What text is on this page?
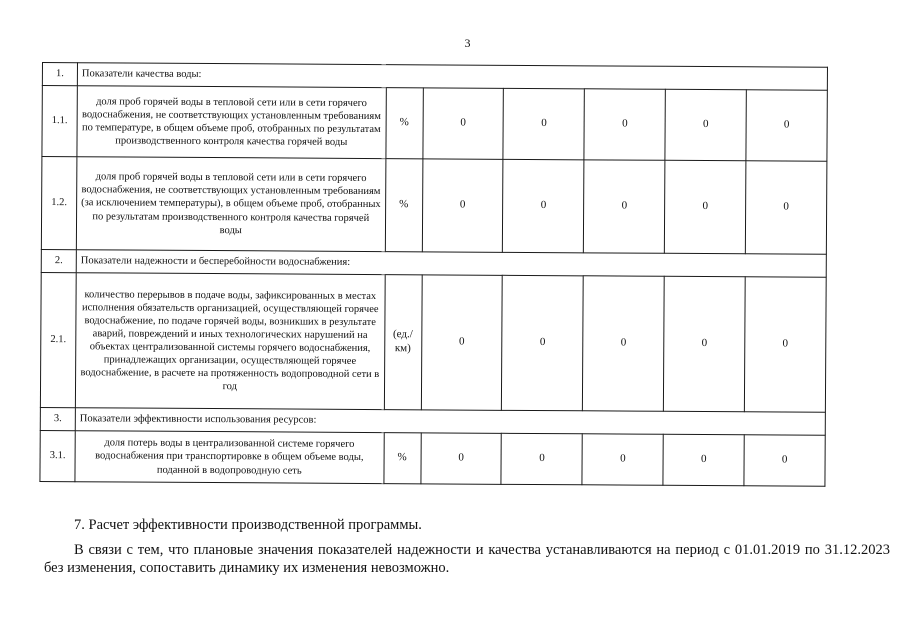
3
1.	Показатели качества воды:						
1.1.	доля проб горячей воды в тепловой сети или в сети горячего водоснабжения, не соответствующих установленным требованиям по температуре, в общем объеме проб, отобранных по результатам производственного контроля качества горячей воды	%	0	0	0	0	0
1.2.	доля проб горячей воды в тепловой сети или в сети горячего водоснабжения, не соответствующих установленным требованиям (за исключением температуры), в общем объеме проб, отобранных по результатам производственного контроля качества горячей воды	%	0	0	0	0	0
2.	Показатели надежности и бесперебойности водоснабжения:						
2.1.	количество перерывов в подаче воды, зафиксированных в местах исполнения обязательств организацией, осуществляющей горячее водоснабжение, по подаче горячей воды, возникших в результате аварий, повреждений и иных технологических нарушений на объектах централизованной системы горячего водоснабжения, принадлежащих организации, осуществляющей горячее водоснабжение, в расчете на протяженность водопроводной сети в год	(ед./км)	0	0	0	0	0
3.	Показатели эффективности использования ресурсов:						
3.1.	доля потерь воды в централизованной системе горячего водоснабжения при транспортировке в общем объеме воды, поданной в водопроводную сеть	%	0	0	0	0	0
7. Расчет эффективности производственной программы.
В связи с тем, что плановые значения показателей надежности и качества устанавливаются на период с 01.01.2019 по 31.12.2023 без изменения, сопоставить динамику их изменения невозможно.
